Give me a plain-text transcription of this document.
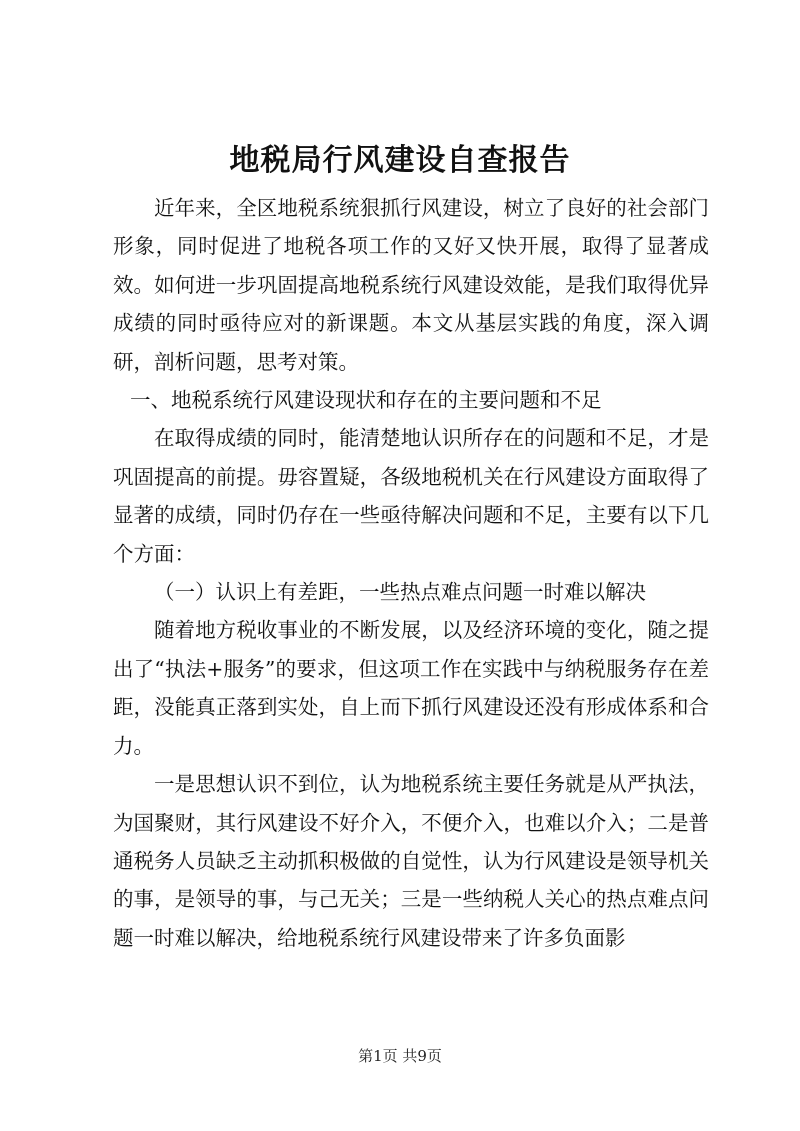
地税局行风建设自查报告

近年来，全区地税系统狠抓行风建设，树立了良好的社会部门形象，同时促进了地税各项工作的又好又快开展，取得了显著成效。如何进一步巩固提高地税系统行风建设效能，是我们取得优异成绩的同时亟待应对的新课题。本文从基层实践的角度，深入调研，剖析问题，思考对策。

一、地税系统行风建设现状和存在的主要问题和不足

在取得成绩的同时，能清楚地认识所存在的问题和不足，才是巩固提高的前提。毋容置疑，各级地税机关在行风建设方面取得了显著的成绩，同时仍存在一些亟待解决问题和不足，主要有以下几个方面：

（一）认识上有差距，一些热点难点问题一时难以解决

随着地方税收事业的不断发展，以及经济环境的变化，随之提出了“执法+服务”的要求，但这项工作在实践中与纳税服务存在差距，没能真正落到实处，自上而下抓行风建设还没有形成体系和合力。

一是思想认识不到位，认为地税系统主要任务就是从严执法，为国聚财，其行风建设不好介入，不便介入，也难以介入；二是普通税务人员缺乏主动抓积极做的自觉性，认为行风建设是领导机关的事，是领导的事，与己无关；三是一些纳税人关心的热点难点问题一时难以解决，给地税系统行风建设带来了许多负面影

第1页 共9页
